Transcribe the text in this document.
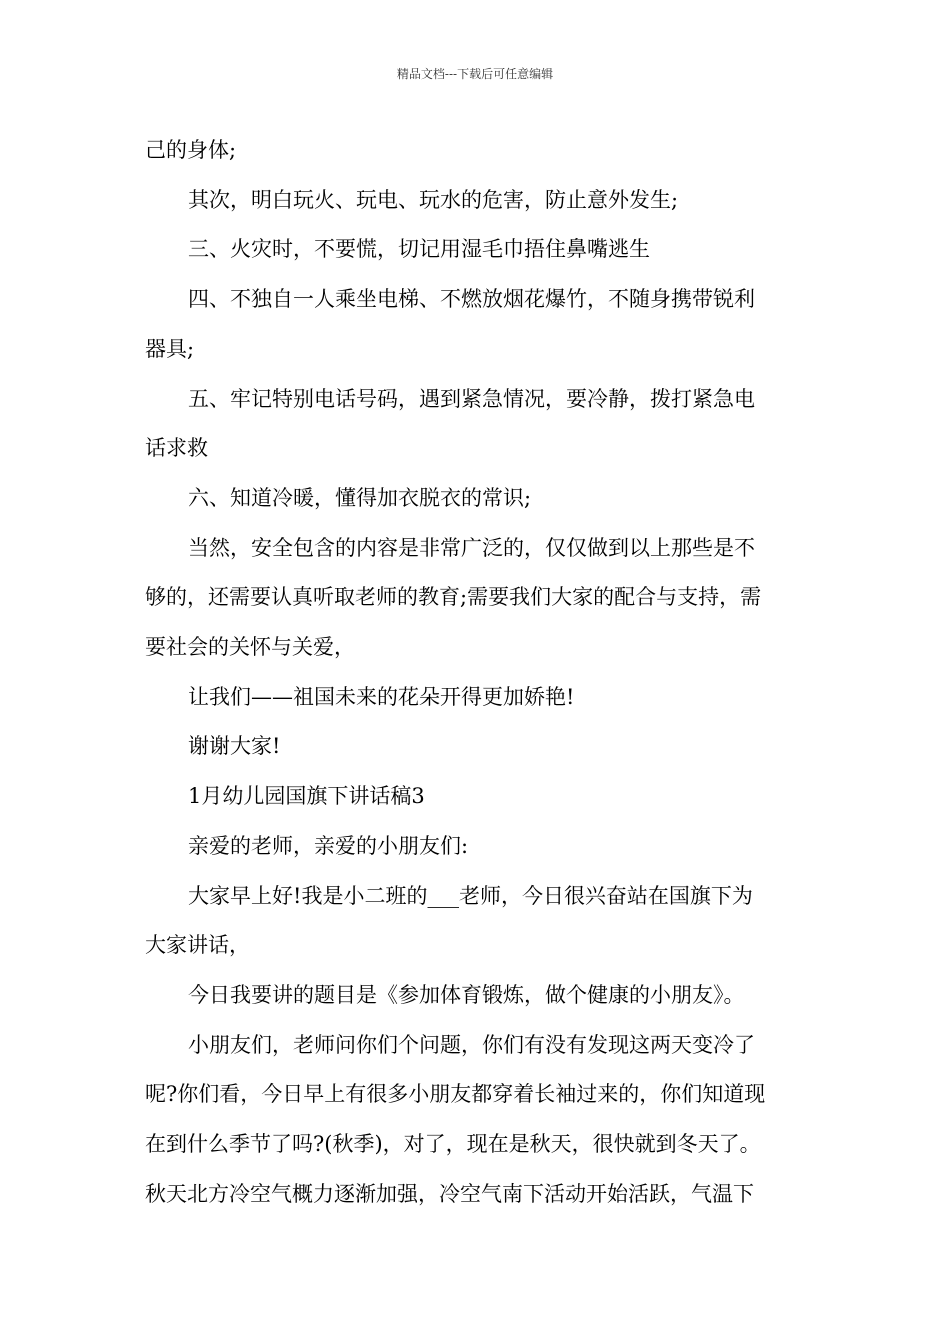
精品文档---下载后可任意编辑

己的身体;

其次，明白玩火、玩电、玩水的危害，防止意外发生;

三、火灾时，不要慌，切记用湿毛巾捂住鼻嘴逃生

四、不独自一人乘坐电梯、不燃放烟花爆竹，不随身携带锐利

器具;

五、牢记特别电话号码，遇到紧急情况，要冷静，拨打紧急电

话求救

六、知道冷暖，懂得加衣脱衣的常识;

当然，安全包含的内容是非常广泛的，仅仅做到以上那些是不

够的，还需要认真听取老师的教育;需要我们大家的配合与支持，需

要社会的关怀与关爱，

让我们——祖国未来的花朵开得更加娇艳!

谢谢大家!

1月幼儿园国旗下讲话稿3

亲爱的老师，亲爱的小朋友们:

大家早上好!我是小二班的___老师，今日很兴奋站在国旗下为

大家讲话，

今日我要讲的题目是《参加体育锻炼，做个健康的小朋友》。

小朋友们，老师问你们个问题，你们有没有发现这两天变冷了

呢?你们看，今日早上有很多小朋友都穿着长袖过来的，你们知道现

在到什么季节了吗?(秋季)，对了，现在是秋天，很快就到冬天了。

秋天北方冷空气概力逐渐加强，冷空气南下活动开始活跃，气温下
